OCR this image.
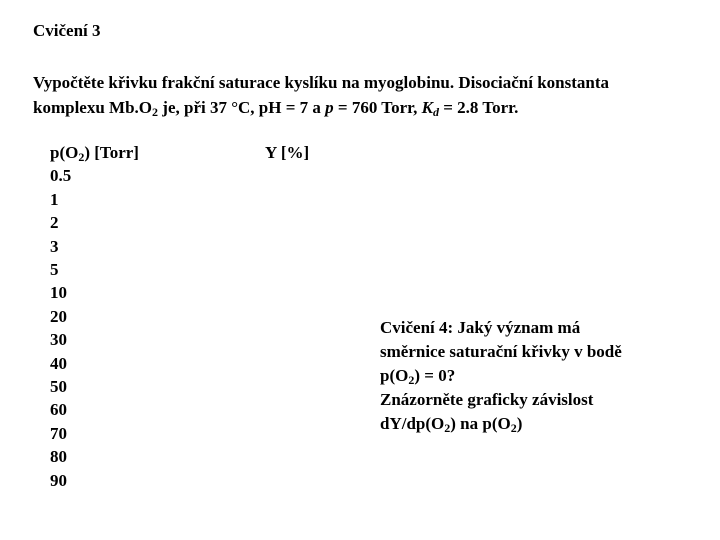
Cvičení 3
Vypočtěte křivku frakční saturace kyslíku na myoglobinu. Disociační konstanta
komplexu $Mb.O_2$ je, při 37 °C, pH = 7 a p = 760 Torr, $K_d = 2.8$ Torr.
$p(O_2)$ [Torr]
0.5
1
2
3
5
10
20
30
40
50
60
70
80
90
Y [%]
Cvičení 4: Jaký význam má
směrnice saturační křivky v bodě
$p(O_2) = 0$?
Znázorněte graficky závislost
$dY/dp(O_2)$ na $p(O_2)$
